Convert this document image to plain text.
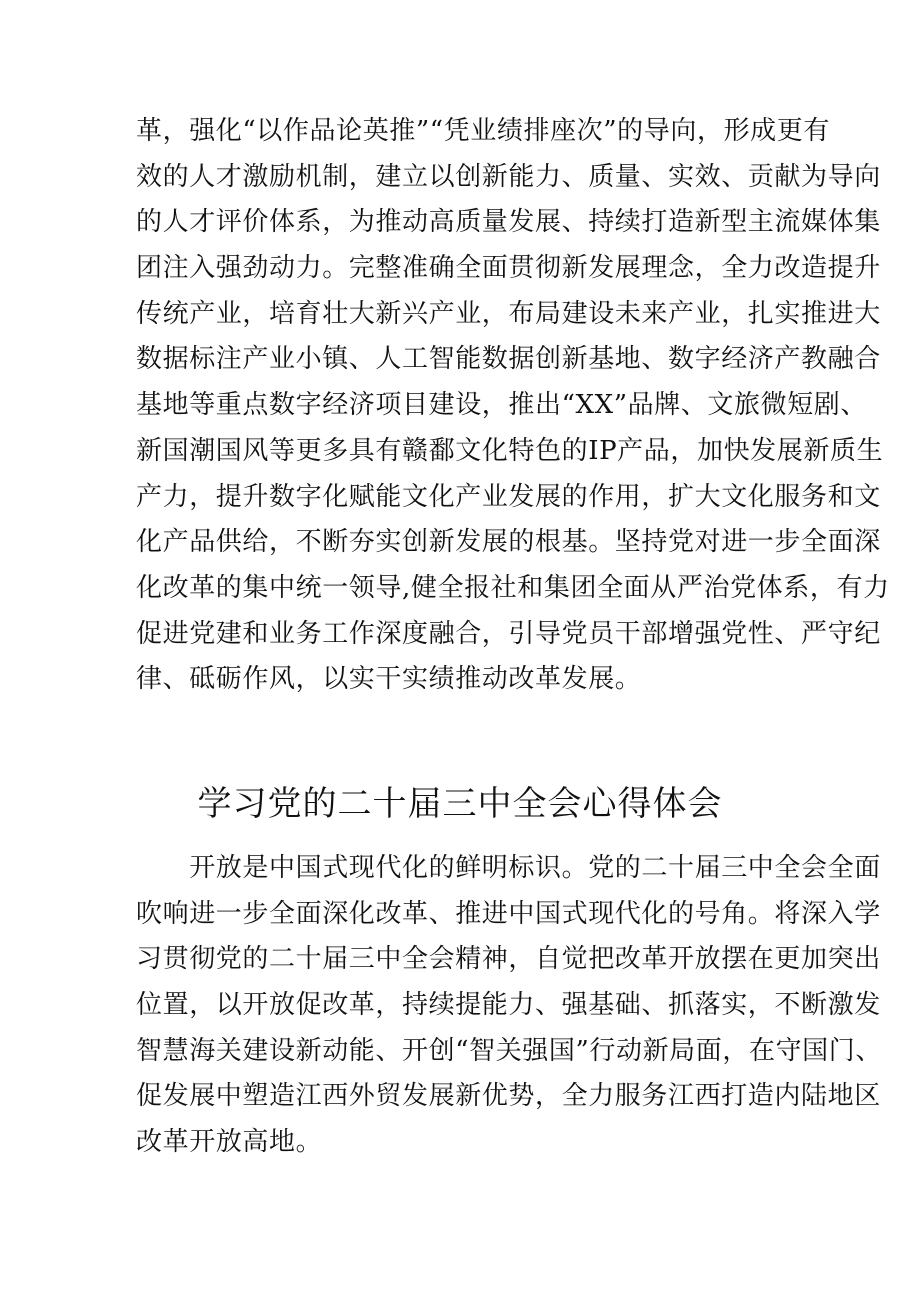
革，强化“以作品论英推”“凭业绩排座次”的导向，形成更有
效的人才激励机制，建立以创新能力、质量、实效、贡献为导向
的人才评价体系，为推动高质量发展、持续打造新型主流媒体集
团注入强劲动力。完整准确全面贯彻新发展理念，全力改造提升
传统产业，培育壮大新兴产业，布局建设未来产业，扎实推进大
数据标注产业小镇、人工智能数据创新基地、数字经济产教融合
基地等重点数字经济项目建设，推出“XX”品牌、文旅微短剧、
新国潮国风等更多具有赣鄱文化特色的IP产品，加快发展新质生
产力，提升数字化赋能文化产业发展的作用，扩大文化服务和文
化产品供给，不断夯实创新发展的根基。坚持党对进一步全面深
化改革的集中统一领导,健全报社和集团全面从严治党体系，有力
促进党建和业务工作深度融合，引导党员干部增强党性、严守纪
律、砥砺作风，以实干实绩推动改革发展。
学习党的二十届三中全会心得体会
　　开放是中国式现代化的鲜明标识。党的二十届三中全会全面
吹响进一步全面深化改革、推进中国式现代化的号角。将深入学
习贯彻党的二十届三中全会精神，自觉把改革开放摆在更加突出
位置，以开放促改革，持续提能力、强基础、抓落实，不断激发
智慧海关建设新动能、开创“智关强国”行动新局面，在守国门、
促发展中塑造江西外贸发展新优势，全力服务江西打造内陆地区
改革开放高地。
